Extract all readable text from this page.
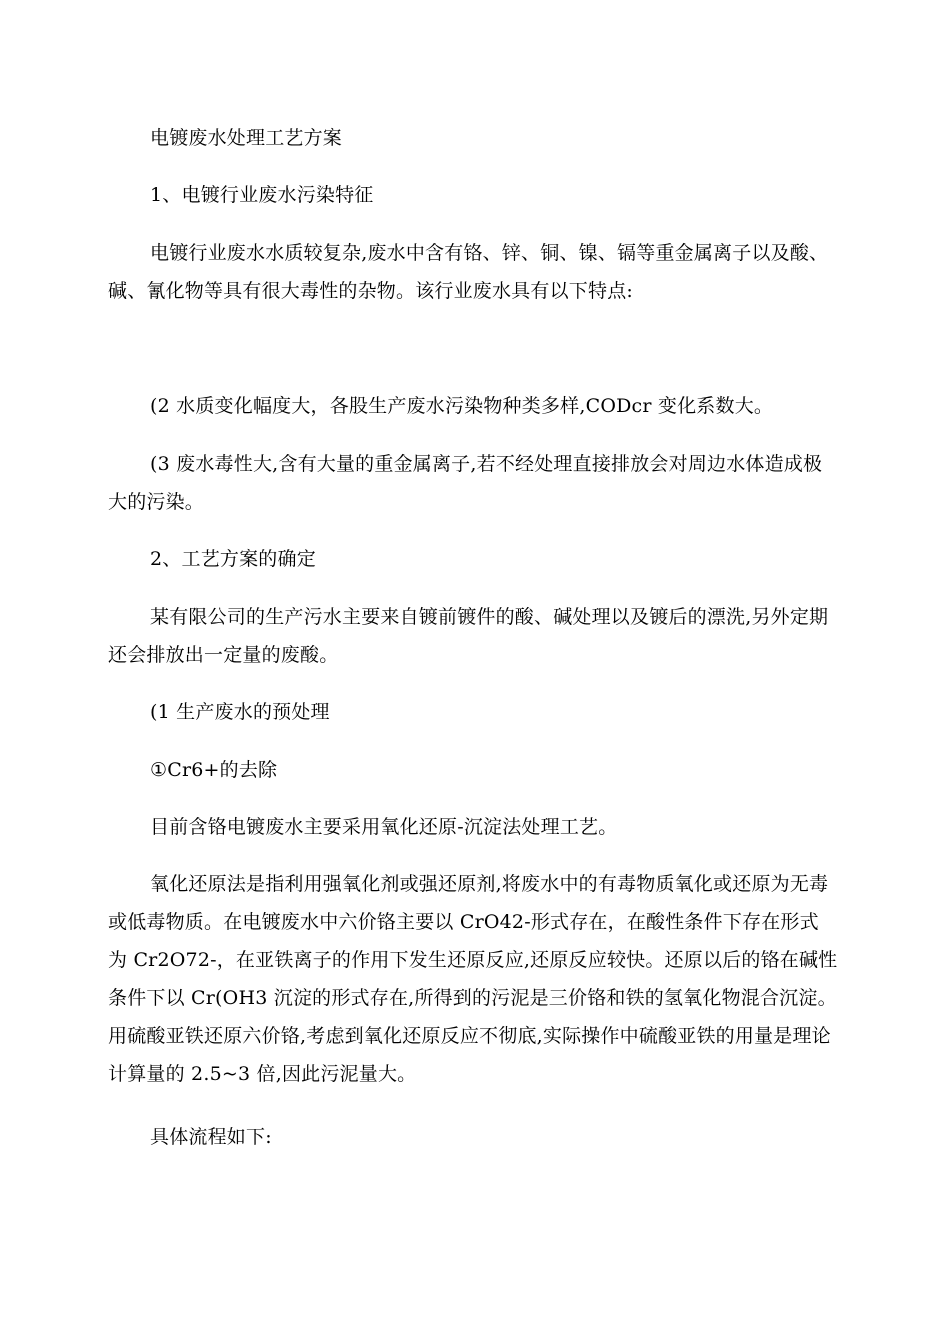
电镀废水处理工艺方案

1、电镀行业废水污染特征

电镀行业废水水质较复杂,废水中含有铬、锌、铜、镍、镉等重金属离子以及酸、碱、氰化物等具有很大毒性的杂物。该行业废水具有以下特点:

(2 水质变化幅度大，各股生产废水污染物种类多样,CODcr 变化系数大。

(3 废水毒性大,含有大量的重金属离子,若不经处理直接排放会对周边水体造成极大的污染。

2、工艺方案的确定

某有限公司的生产污水主要来自镀前镀件的酸、碱处理以及镀后的漂洗,另外定期还会排放出一定量的废酸。

(1 生产废水的预处理

①Cr6+的去除

目前含铬电镀废水主要采用氧化还原-沉淀法处理工艺。

氧化还原法是指利用强氧化剂或强还原剂,将废水中的有毒物质氧化或还原为无毒或低毒物质。在电镀废水中六价铬主要以 CrO42-形式存在，在酸性条件下存在形式为 Cr2O72-，在亚铁离子的作用下发生还原反应,还原反应较快。还原以后的铬在碱性条件下以 Cr(OH3 沉淀的形式存在,所得到的污泥是三价铬和铁的氢氧化物混合沉淀。用硫酸亚铁还原六价铬,考虑到氧化还原反应不彻底,实际操作中硫酸亚铁的用量是理论计算量的 2.5~3 倍,因此污泥量大。

具体流程如下:
